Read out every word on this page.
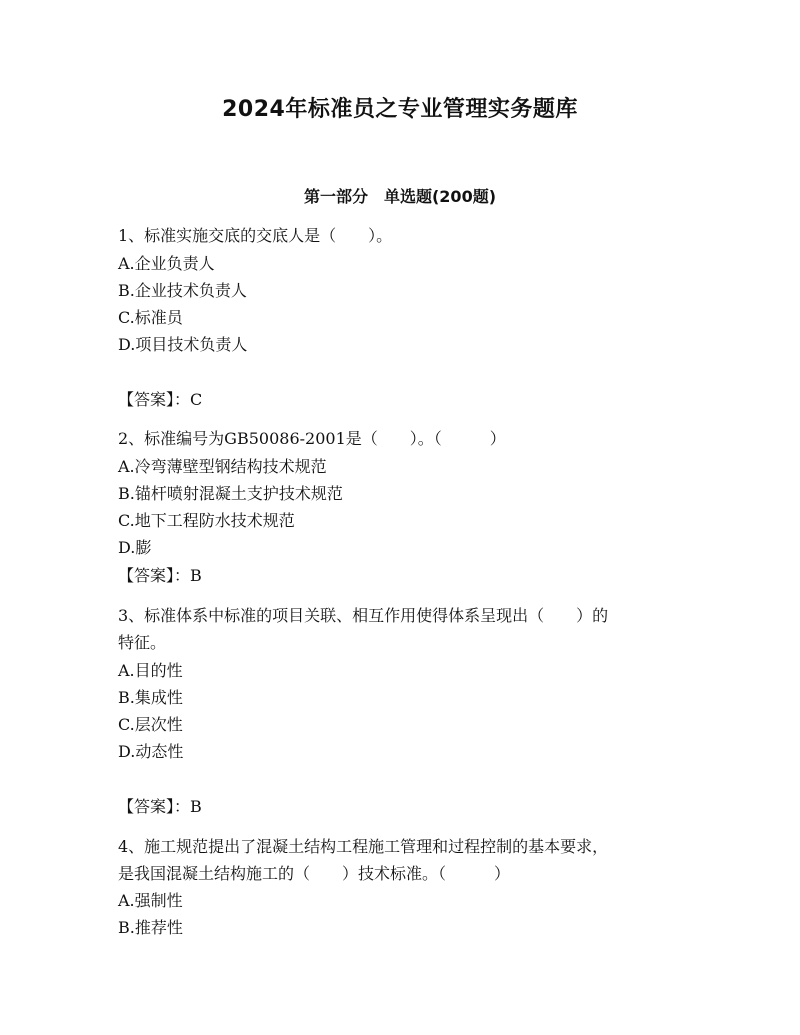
2024年标准员之专业管理实务题库
第一部分　单选题(200题)
1、标准实施交底的交底人是（　　）。
A.企业负责人
B.企业技术负责人
C.标准员
D.项目技术负责人
【答案】：C
2、标准编号为GB50086-2001是（　　）。（　　　）
A.冷弯薄壁型钢结构技术规范
B.锚杆喷射混凝土支护技术规范
C.地下工程防水技术规范
D.膨
【答案】：B
3、标准体系中标准的项目关联、相互作用使得体系呈现出（　　）的
特征。
A.目的性
B.集成性
C.层次性
D.动态性
【答案】：B
4、施工规范提出了混凝土结构工程施工管理和过程控制的基本要求，
是我国混凝土结构施工的（　　）技术标准。（　　　）
A.强制性
B.推荐性
